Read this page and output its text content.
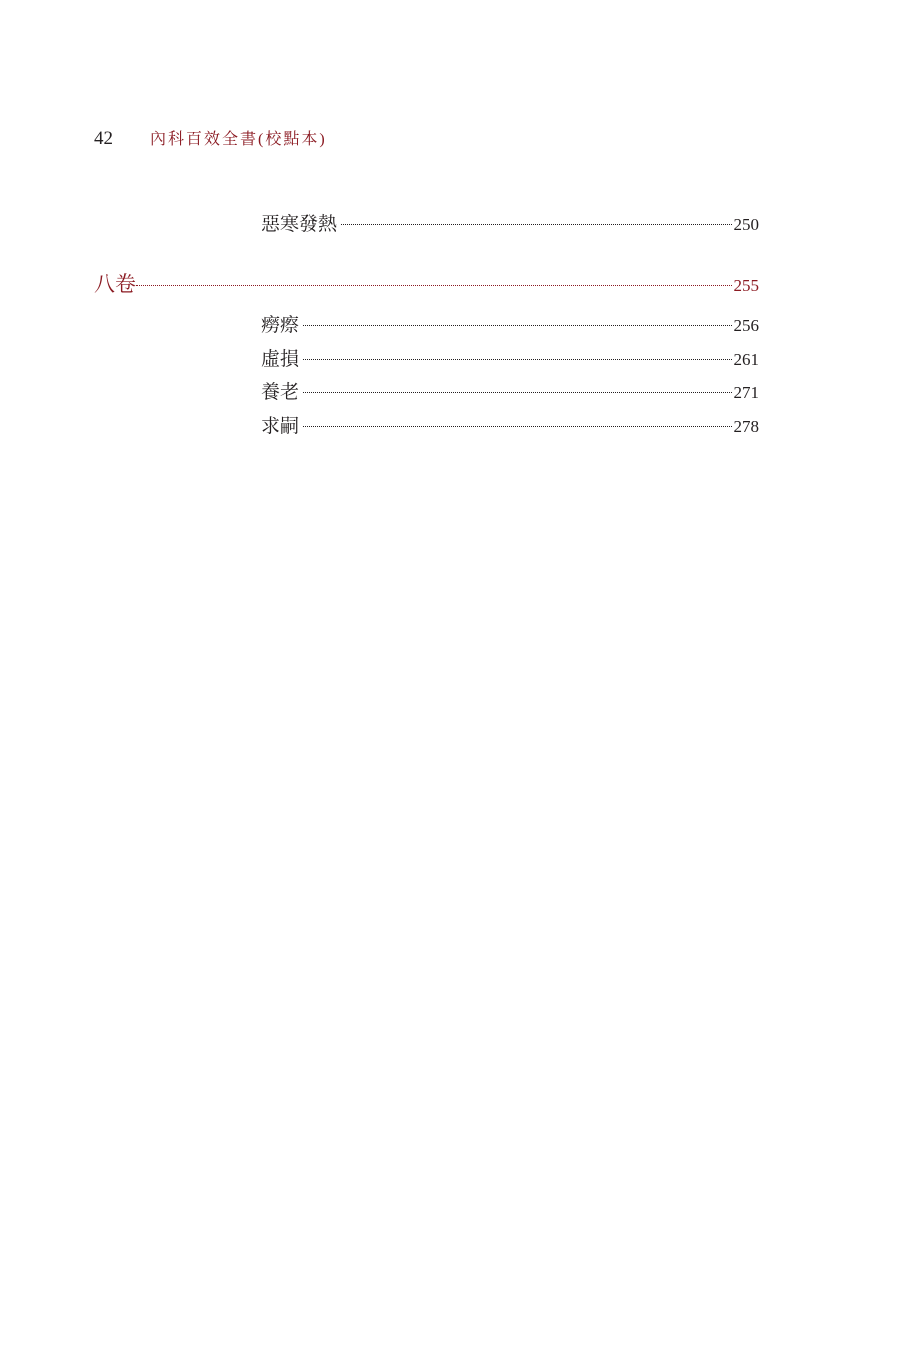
42	內科百效全書(校點本)
惡寒發熱	250
八卷	255
癆瘵	256
虛損	261
養老	271
求嗣	278
